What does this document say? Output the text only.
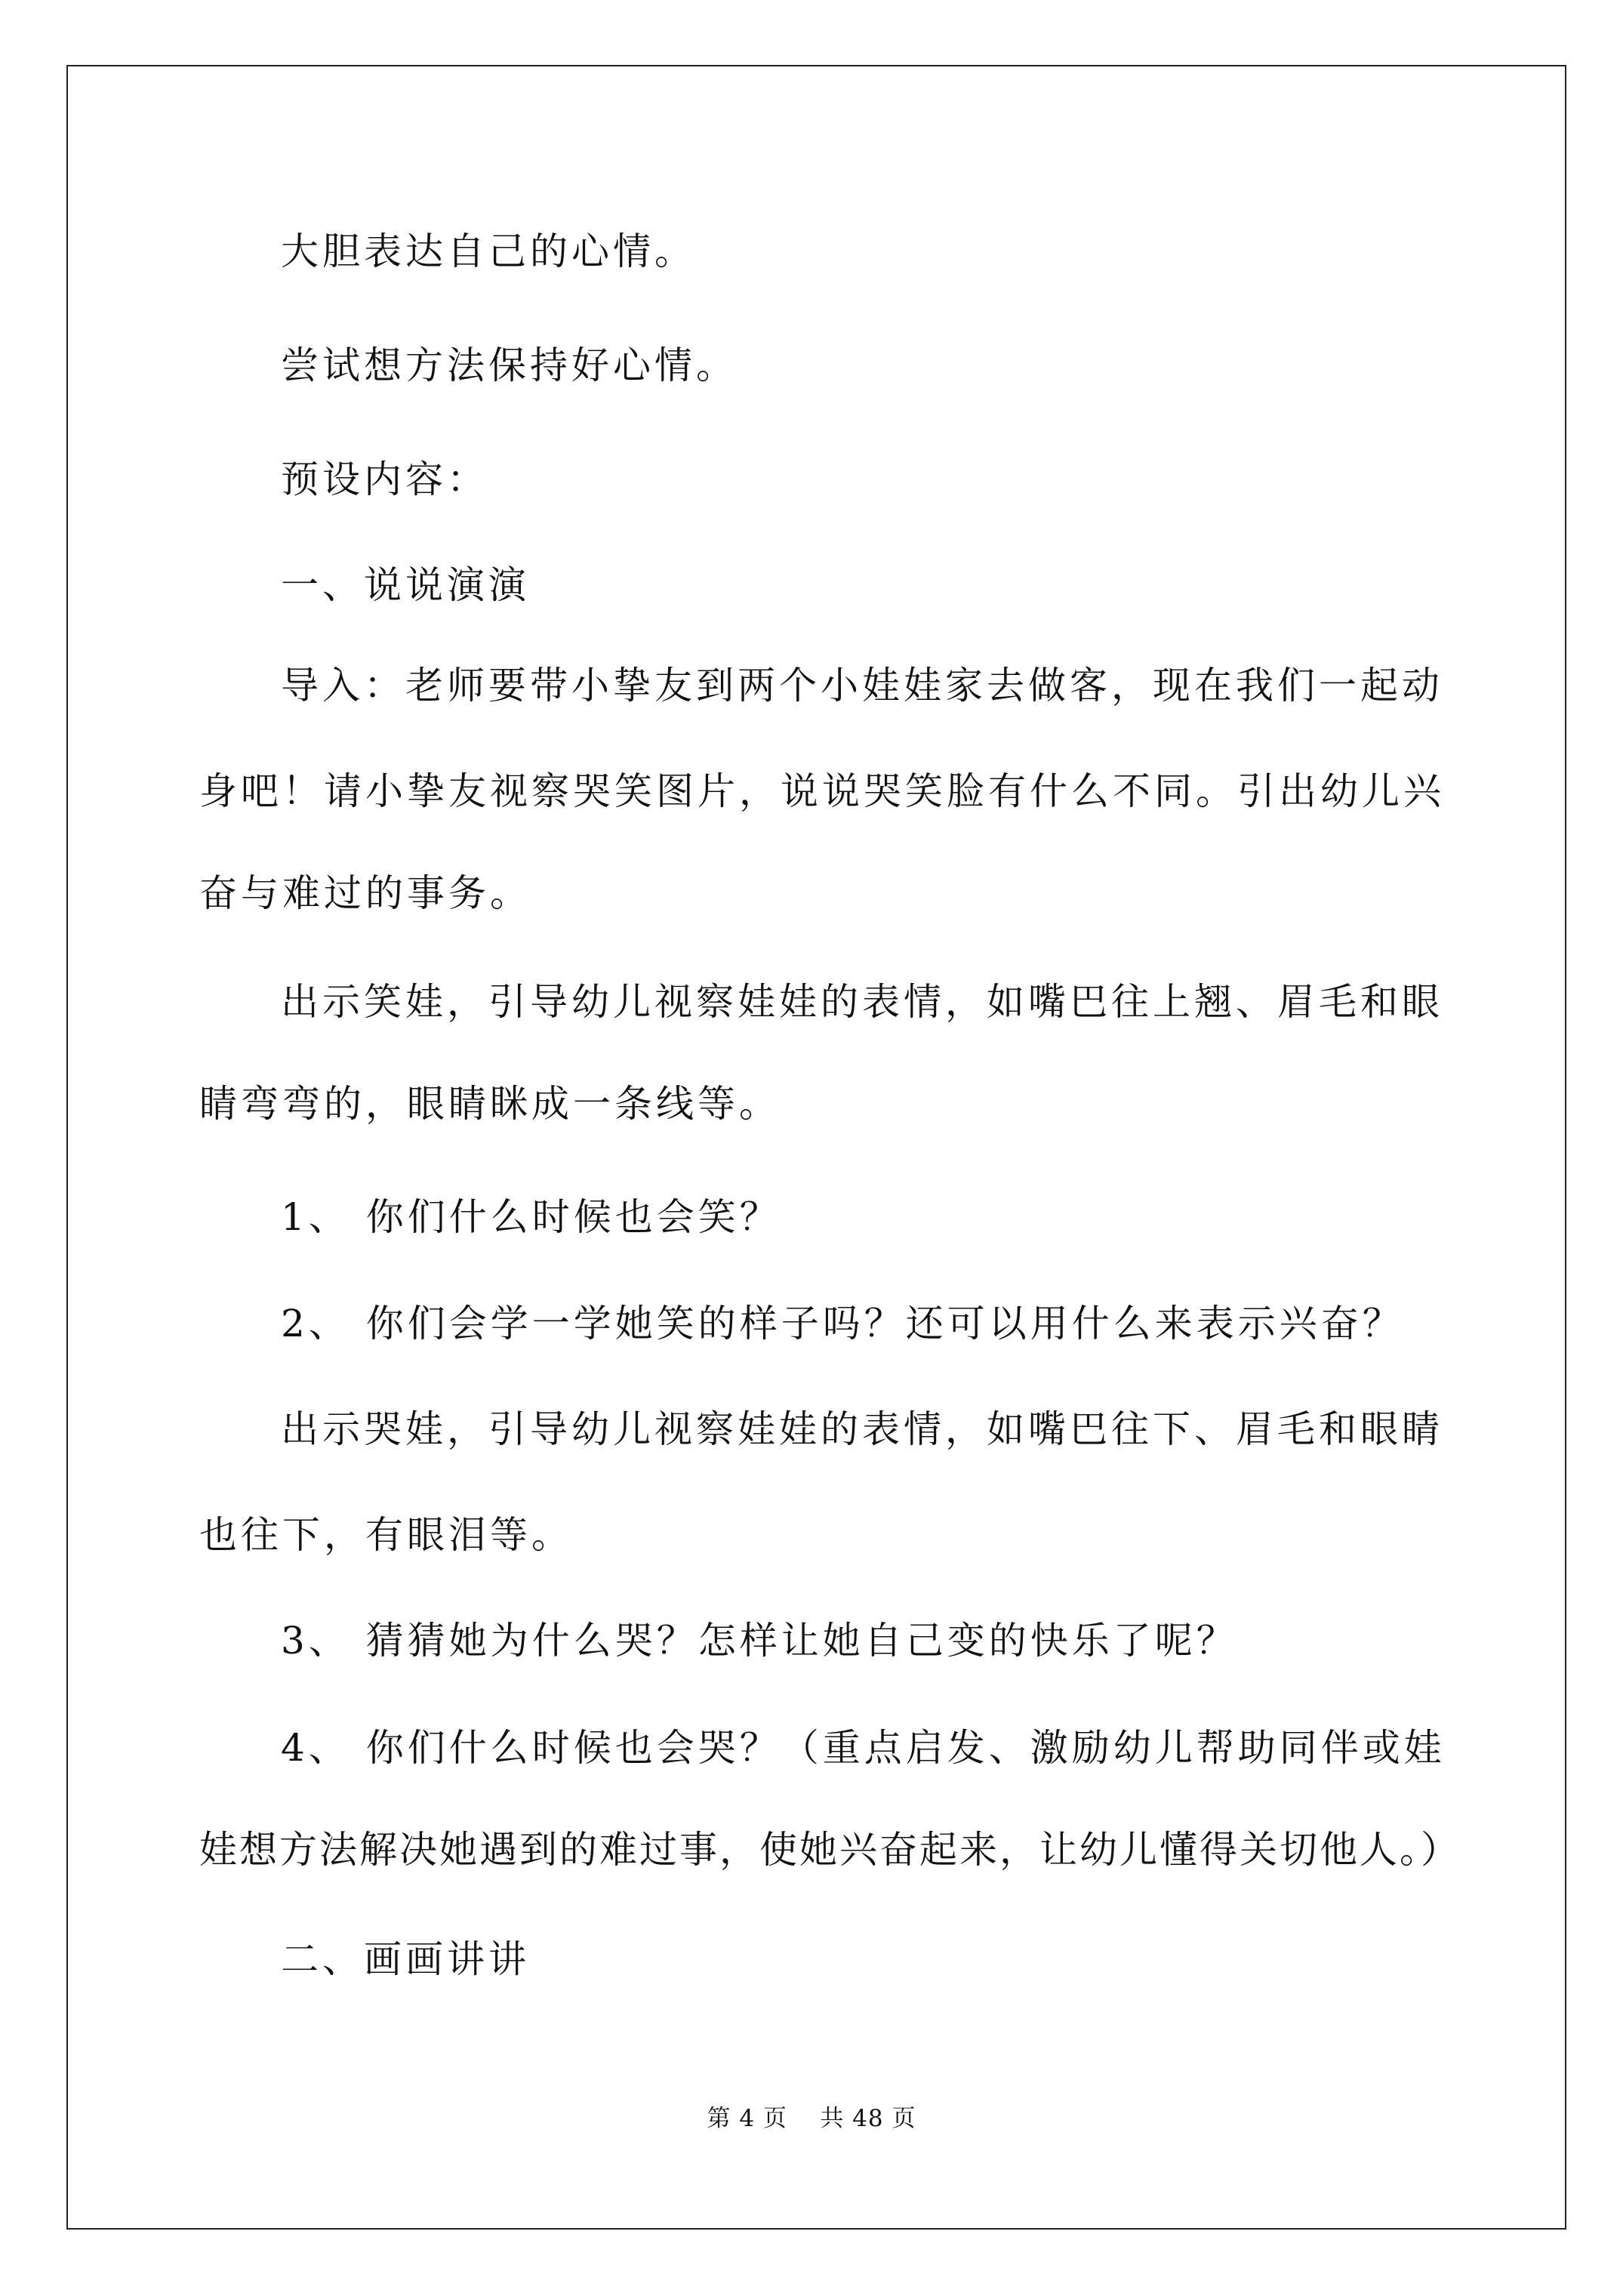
大胆表达自己的心情。
尝试想方法保持好心情。
预设内容：
一、说说演演
导入：老师要带小挚友到两个小娃娃家去做客，现在我们一起动
身吧！请小挚友视察哭笑图片，说说哭笑脸有什么不同。引出幼儿兴
奋与难过的事务。
出示笑娃，引导幼儿视察娃娃的表情，如嘴巴往上翘、眉毛和眼
睛弯弯的，眼睛眯成一条线等。
1、 你们什么时候也会笑？
2、 你们会学一学她笑的样子吗？还可以用什么来表示兴奋？
出示哭娃，引导幼儿视察娃娃的表情，如嘴巴往下、眉毛和眼睛
也往下，有眼泪等。
3、 猜猜她为什么哭？怎样让她自己变的快乐了呢？
4、 你们什么时候也会哭？（重点启发、激励幼儿帮助同伴或娃
娃想方法解决她遇到的难过事，使她兴奋起来，让幼儿懂得关切他人。）
二、画画讲讲
第 4 页    共 48 页
